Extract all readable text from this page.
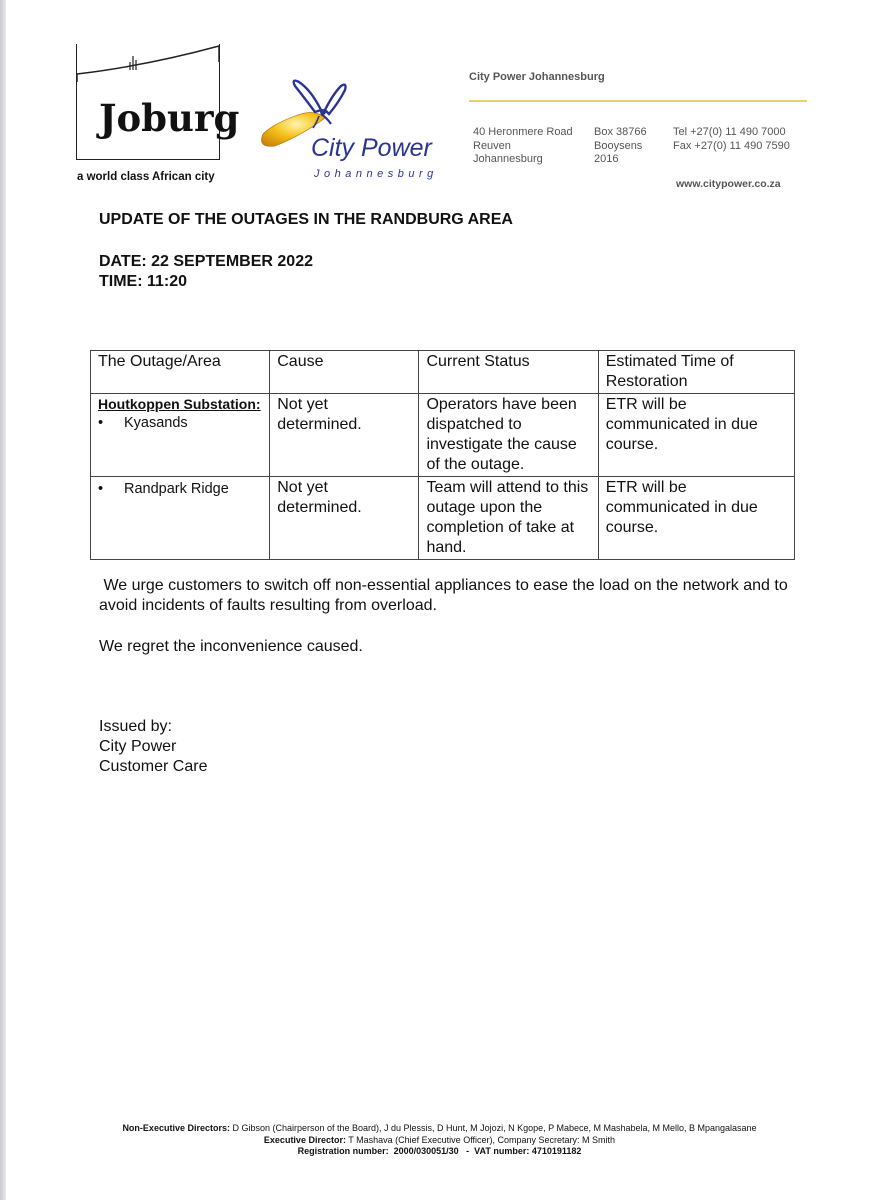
Joburg
a world class African city
City Power
Johannesburg
City Power Johannesburg
40 Heronmere Road
Reuven
Johannesburg
Box 38766
Booysens
2016
Tel +27(0) 11 490 7000
Fax +27(0) 11 490 7590
www.citypower.co.za
UPDATE OF THE OUTAGES IN THE RANDBURG AREA
DATE: 22 SEPTEMBER 2022
TIME: 11:20
The Outage/Area	Cause	Current Status	Estimated Time of Restoration

Houtkoppen Substation:
• Kyasands	Not yet determined.	Operators have been dispatched to investigate the cause of the outage.	ETR will be communicated in due course.

• Randpark Ridge	Not yet determined.	Team will attend to this outage upon the completion of take at hand.	ETR will be communicated in due course.
We urge customers to switch off non-essential appliances to ease the load on the network and to avoid incidents of faults resulting from overload.
We regret the inconvenience caused.
Issued by:
City Power
Customer Care
Non-Executive Directors: D Gibson (Chairperson of the Board), J du Plessis, D Hunt, M Jojozi, N Kgope, P Mabece, M Mashabela, M Mello, B Mpangalasane
Executive Director: T Mashava (Chief Executive Officer), Company Secretary: M Smith
Registration number:  2000/030051/30   -  VAT number: 4710191182
